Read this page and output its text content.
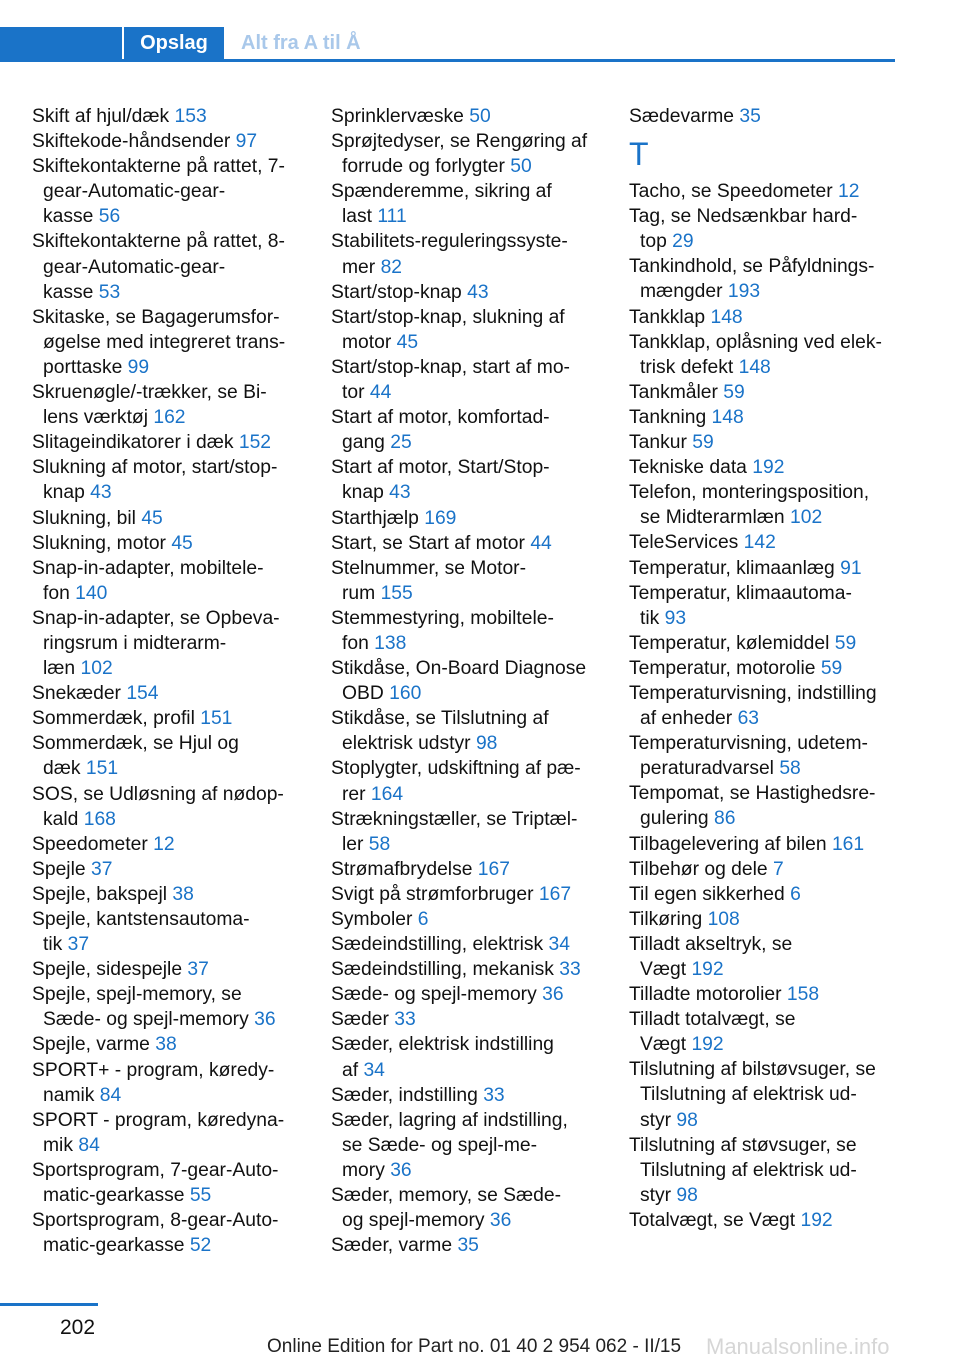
Opslag Alt fra A til Å
Skift af hjul/dæk 153
Skiftekode-håndsender 97
Skiftekontakterne på rattet, 7-
gear-Automatic-gear-
kasse 56
Skiftekontakterne på rattet, 8-
gear-Automatic-gear-
kasse 53
Skitaske, se Bagagerumsfor-
øgelse med integreret trans-
porttaske 99
Skruenøgle/-trækker, se Bi-
lens værktøj 162
Slitageindikatorer i dæk 152
Slukning af motor, start/stop-
knap 43
Slukning, bil 45
Slukning, motor 45
Snap-in-adapter, mobiltele-
fon 140
Snap-in-adapter, se Opbeva-
ringsrum i midterarm-
læn 102
Snekæder 154
Sommerdæk, profil 151
Sommerdæk, se Hjul og
dæk 151
SOS, se Udløsning af nødop-
kald 168
Speedometer 12
Spejle 37
Spejle, bakspejl 38
Spejle, kantstensautoma-
tik 37
Spejle, sidespejle 37
Spejle, spejl-memory, se
Sæde- og spejl-memory 36
Spejle, varme 38
SPORT+ - program, køredy-
namik 84
SPORT - program, køredyna-
mik 84
Sportsprogram, 7-gear-Auto-
matic-gearkasse 55
Sportsprogram, 8-gear-Auto-
matic-gearkasse 52
Sprinklervæske 50
Sprøjtedyser, se Rengøring af
forrude og forlygter 50
Spænderemme, sikring af
last 111
Stabilitets-reguleringssyste-
mer 82
Start/stop-knap 43
Start/stop-knap, slukning af
motor 45
Start/stop-knap, start af mo-
tor 44
Start af motor, komfortad-
gang 25
Start af motor, Start/Stop-
knap 43
Starthjælp 169
Start, se Start af motor 44
Stelnummer, se Motor-
rum 155
Stemmestyring, mobiltele-
fon 138
Stikdåse, On-Board Diagnose
OBD 160
Stikdåse, se Tilslutning af
elektrisk udstyr 98
Stoplygter, udskiftning af pæ-
rer 164
Strækningstæller, se Triptæl-
ler 58
Strømafbrydelse 167
Svigt på strømforbruger 167
Symboler 6
Sædeindstilling, elektrisk 34
Sædeindstilling, mekanisk 33
Sæde- og spejl-memory 36
Sæder 33
Sæder, elektrisk indstilling
af 34
Sæder, indstilling 33
Sæder, lagring af indstilling,
se Sæde- og spejl-me-
mory 36
Sæder, memory, se Sæde-
og spejl-memory 36
Sæder, varme 35
Sædevarme 35
T
Tacho, se Speedometer 12
Tag, se Nedsænkbar hard-
top 29
Tankindhold, se Påfyldnings-
mængder 193
Tankklap 148
Tankklap, oplåsning ved elek-
trisk defekt 148
Tankmåler 59
Tankning 148
Tankur 59
Tekniske data 192
Telefon, monteringsposition,
se Midterarmlæn 102
TeleServices 142
Temperatur, klimaanlæg 91
Temperatur, klimaautoma-
tik 93
Temperatur, kølemiddel 59
Temperatur, motorolie 59
Temperaturvisning, indstilling
af enheder 63
Temperaturvisning, udetem-
peraturadvarsel 58
Tempomat, se Hastighedsre-
gulering 86
Tilbagelevering af bilen 161
Tilbehør og dele 7
Til egen sikkerhed 6
Tilkøring 108
Tilladt akseltryk, se
Vægt 192
Tilladte motorolier 158
Tilladt totalvægt, se
Vægt 192
Tilslutning af bilstøvsuger, se
Tilslutning af elektrisk ud-
styr 98
Tilslutning af støvsuger, se
Tilslutning af elektrisk ud-
styr 98
Totalvægt, se Vægt 192
202
Online Edition for Part no. 01 40 2 954 062 - II/15 Manualsonline.info
